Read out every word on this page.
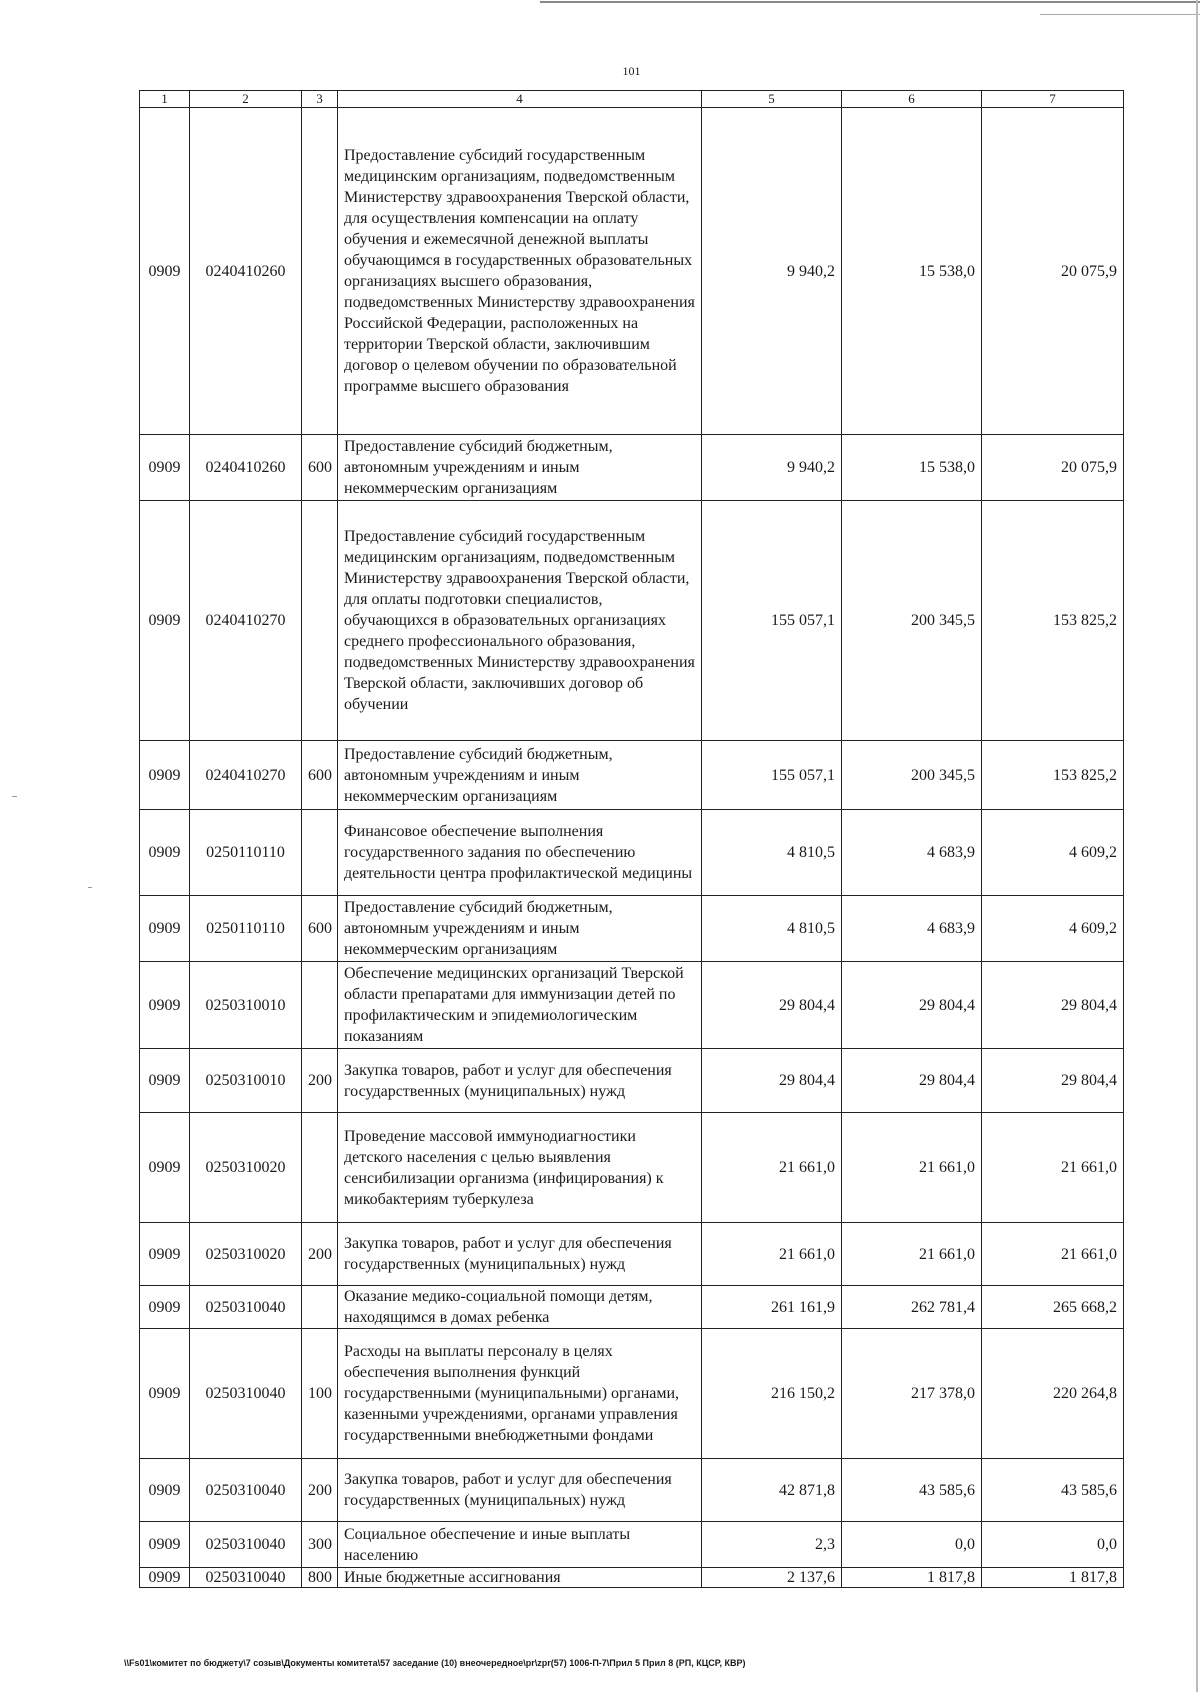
101
1	2	3	4	5	6	7
0909	0240410260		Предоставление субсидий государственным медицинским организациям, подведомственным Министерству здравоохранения Тверской области, для осуществления компенсации на оплату обучения и ежемесячной денежной выплаты обучающимся в государственных образовательных организациях высшего образования, подведомственных Министерству здравоохранения Российской Федерации, расположенных на территории Тверской области, заключившим договор о целевом обучении по образовательной программе высшего образования	9 940,2	15 538,0	20 075,9
0909	0240410260	600	Предоставление субсидий бюджетным, автономным учреждениям и иным некоммерческим организациям	9 940,2	15 538,0	20 075,9
0909	0240410270		Предоставление субсидий государственным медицинским организациям, подведомственным Министерству здравоохранения Тверской области, для оплаты подготовки специалистов, обучающихся в образовательных организациях среднего профессионального образования, подведомственных Министерству здравоохранения Тверской области, заключивших договор об обучении	155 057,1	200 345,5	153 825,2
0909	0240410270	600	Предоставление субсидий бюджетным, автономным учреждениям и иным некоммерческим организациям	155 057,1	200 345,5	153 825,2
0909	0250110110		Финансовое обеспечение выполнения государственного задания по обеспечению деятельности центра профилактической медицины	4 810,5	4 683,9	4 609,2
0909	0250110110	600	Предоставление субсидий бюджетным, автономным учреждениям и иным некоммерческим организациям	4 810,5	4 683,9	4 609,2
0909	0250310010		Обеспечение медицинских организаций Тверской области препаратами для иммунизации детей по профилактическим и эпидемиологическим показаниям	29 804,4	29 804,4	29 804,4
0909	0250310010	200	Закупка товаров, работ и услуг для обеспечения государственных (муниципальных) нужд	29 804,4	29 804,4	29 804,4
0909	0250310020		Проведение массовой иммунодиагностики детского населения с целью выявления сенсибилизации организма (инфицирования) к микобактериям туберкулеза	21 661,0	21 661,0	21 661,0
0909	0250310020	200	Закупка товаров, работ и услуг для обеспечения государственных (муниципальных) нужд	21 661,0	21 661,0	21 661,0
0909	0250310040		Оказание медико-социальной помощи детям, находящимся в домах ребенка	261 161,9	262 781,4	265 668,2
0909	0250310040	100	Расходы на выплаты персоналу в целях обеспечения выполнения функций государственными (муниципальными) органами, казенными учреждениями, органами управления государственными внебюджетными фондами	216 150,2	217 378,0	220 264,8
0909	0250310040	200	Закупка товаров, работ и услуг для обеспечения государственных (муниципальных) нужд	42 871,8	43 585,6	43 585,6
0909	0250310040	300	Социальное обеспечение и иные выплаты населению	2,3	0,0	0,0
0909	0250310040	800	Иные бюджетные ассигнования	2 137,6	1 817,8	1 817,8
\\Fs01\комитет по бюджету\7 созыв\Документы комитета\57 заседание (10) внеочередное\pr\zpr(57) 1006-П-7\Прил 5 Прил 8 (РП, КЦСР, КВР)
